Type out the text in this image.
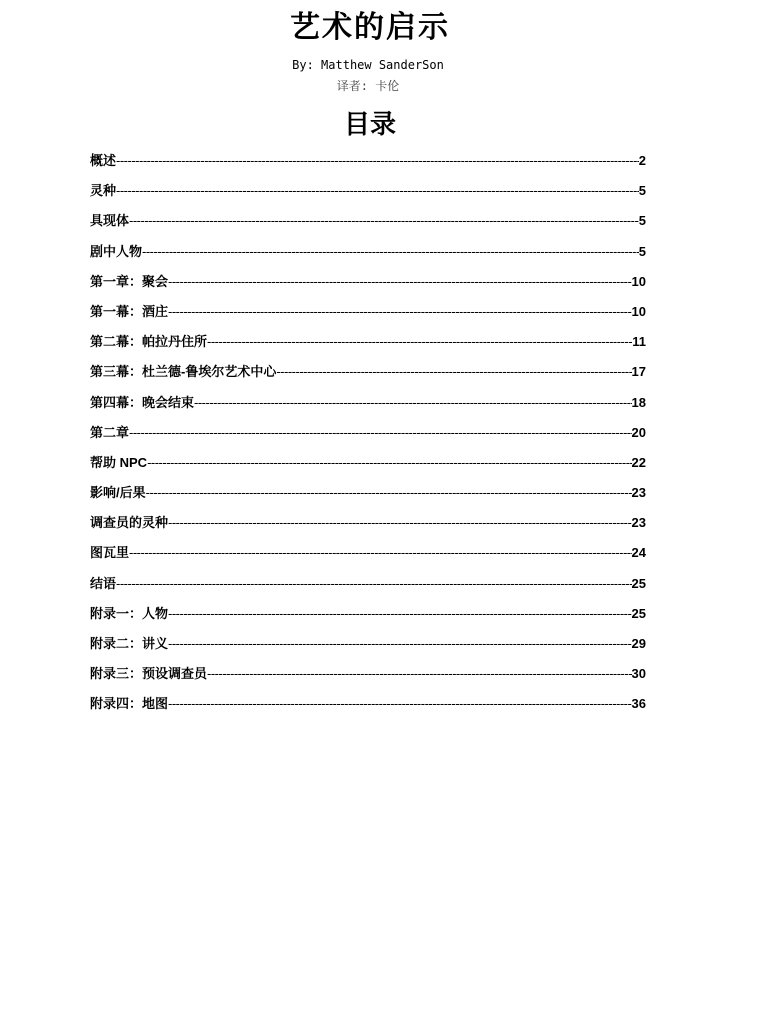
艺术的启示

By: Matthew SanderSon

译者: 卡伦

目录
概述 -----	2
灵种 -----	5
具现体 -----	5
剧中人物 -----	5
第一章：聚会 -----	10
第一幕：酒庄 -----	10
第二幕：帕拉丹住所 -----	11
第三幕：杜兰德-鲁埃尔艺术中心 -----	17
第四幕：晚会结束 -----	18
第二章 -----	20
帮助 NPC -----	22
影响/后果 -----	23
调查员的灵种 -----	23
图瓦里 -----	24
结语 -----	25
附录一：人物 -----	25
附录二：讲义 -----	29
附录三：预设调查员 -----	30
附录四：地图 -----	36
